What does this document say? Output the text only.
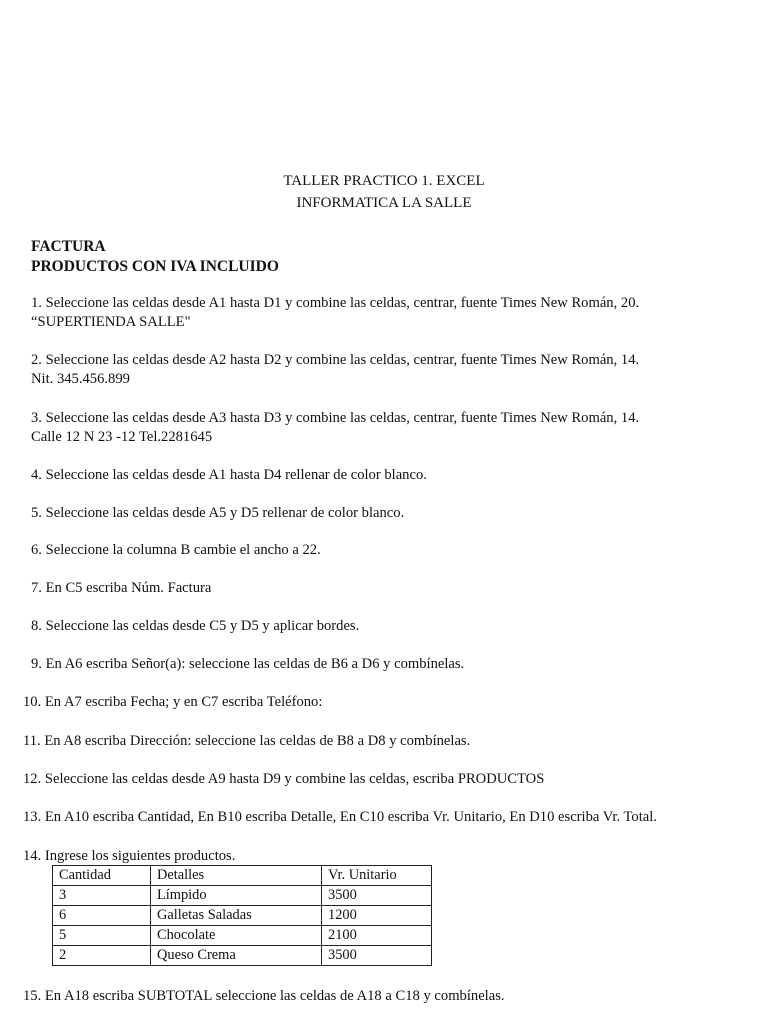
TALLER PRACTICO 1. EXCEL
INFORMATICA LA SALLE
FACTURA
PRODUCTOS CON IVA INCLUIDO
1. Seleccione las celdas desde A1 hasta D1 y combine las celdas, centrar, fuente Times New Román, 20.
“SUPERTIENDA SALLE"
2. Seleccione las celdas desde A2 hasta D2 y combine las celdas, centrar, fuente Times New Román, 14.
Nit. 345.456.899
3. Seleccione las celdas desde A3 hasta D3 y combine las celdas, centrar, fuente Times New Román, 14.
Calle 12 N 23 -12 Tel.2281645
4. Seleccione las celdas desde A1 hasta D4 rellenar de color blanco.
5. Seleccione las celdas desde A5 y D5 rellenar de color blanco.
6. Seleccione la columna B cambie el ancho a 22.
7. En C5 escriba Núm. Factura
8. Seleccione las celdas desde C5 y D5 y aplicar bordes.
9. En A6 escriba Señor(a): seleccione las celdas de B6 a D6 y combínelas.
10. En A7 escriba Fecha; y en C7 escriba Teléfono:
11. En A8 escriba Dirección: seleccione las celdas de B8 a D8 y combínelas.
12. Seleccione las celdas desde A9 hasta D9 y combine las celdas, escriba PRODUCTOS
13. En A10 escriba Cantidad, En B10 escriba Detalle, En C10 escriba Vr. Unitario, En D10 escriba Vr. Total.
14. Ingrese los siguientes productos.
Cantidad	Detalles	Vr. Unitario
3	Límpido	3500
6	Galletas Saladas	1200
5	Chocolate	2100
2	Queso Crema	3500
15. En A18 escriba SUBTOTAL seleccione las celdas de A18 a C18 y combínelas.
